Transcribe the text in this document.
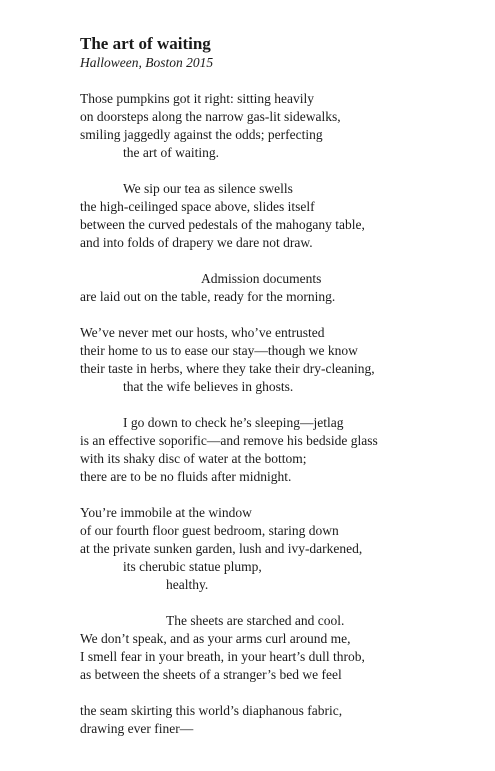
The art of waiting
Halloween, Boston 2015
Those pumpkins got it right: sitting heavily
on doorsteps along the narrow gas-lit sidewalks,
smiling jaggedly against the odds; perfecting
the art of waiting.
We sip our tea as silence swells
the high-ceilinged space above, slides itself
between the curved pedestals of the mahogany table,
and into folds of drapery we dare not draw.
Admission documents
are laid out on the table, ready for the morning.
We’ve never met our hosts, who’ve entrusted
their home to us to ease our stay—though we know
their taste in herbs, where they take their dry-cleaning,
that the wife believes in ghosts.
I go down to check he’s sleeping—jetlag
is an effective soporific—and remove his bedside glass
with its shaky disc of water at the bottom;
there are to be no fluids after midnight.
You’re immobile at the window
of our fourth floor guest bedroom, staring down
at the private sunken garden, lush and ivy-darkened,
its cherubic statue plump,
healthy.
The sheets are starched and cool.
We don’t speak, and as your arms curl around me,
I smell fear in your breath, in your heart’s dull throb,
as between the sheets of a stranger’s bed we feel
the seam skirting this world’s diaphanous fabric,
drawing ever finer—
